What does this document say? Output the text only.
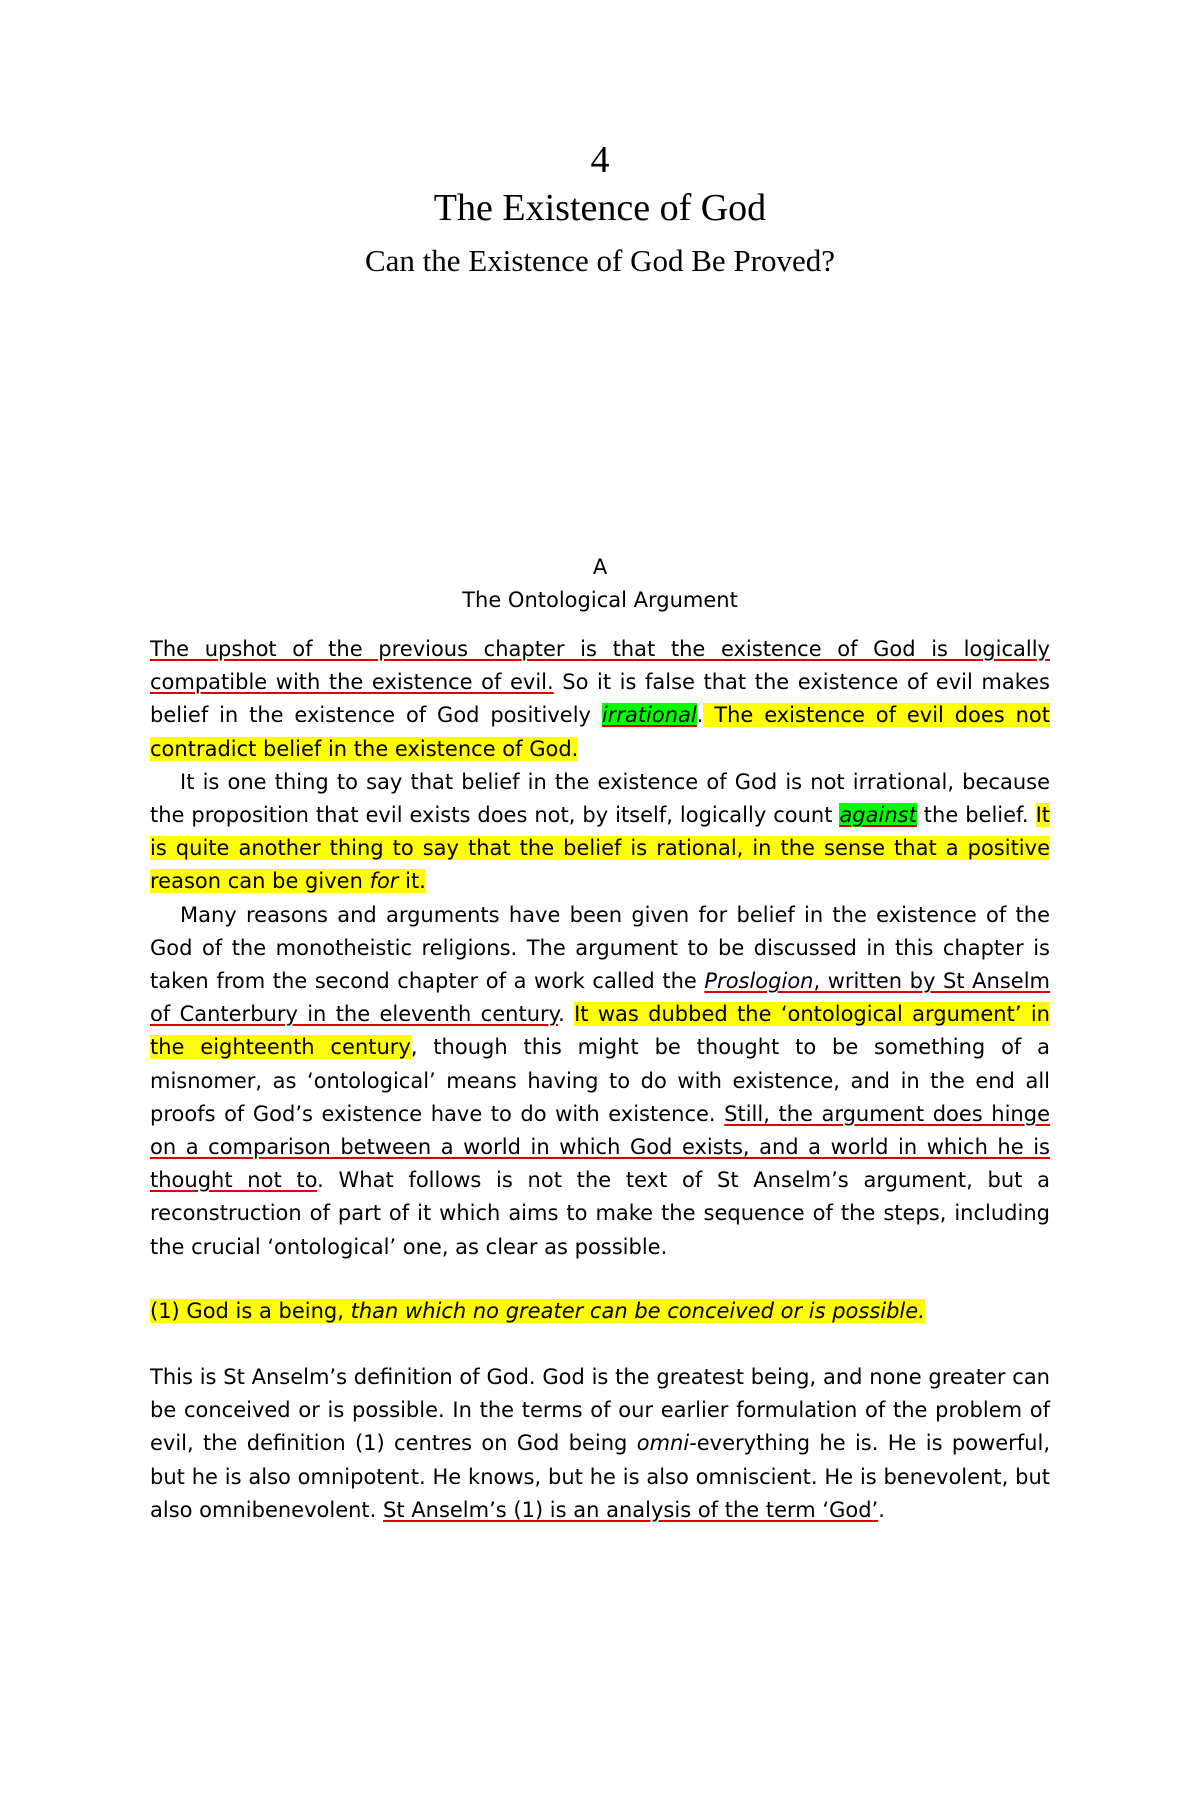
4
The Existence of God
Can the Existence of God Be Proved?
A
The Ontological Argument

The upshot of the previous chapter is that the existence of God is logically compatible with the existence of evil. So it is false that the existence of evil makes belief in the existence of God positively irrational. The existence of evil does not contradict belief in the existence of God.

It is one thing to say that belief in the existence of God is not irrational, because the proposition that evil exists does not, by itself, logically count against the belief. It is quite another thing to say that the belief is rational, in the sense that a positive reason can be given for it.

Many reasons and arguments have been given for belief in the existence of the God of the monotheistic religions. The argument to be discussed in this chapter is taken from the second chapter of a work called the Proslogion, written by St Anselm of Canterbury in the eleventh century. It was dubbed the ‘ontological argument’ in the eighteenth century, though this might be thought to be something of a misnomer, as ‘ontological’ means having to do with existence, and in the end all proofs of God’s existence have to do with existence. Still, the argument does hinge on a comparison between a world in which God exists, and a world in which he is thought not to. What follows is not the text of St Anselm’s argument, but a reconstruction of part of it which aims to make the sequence of the steps, including the crucial ‘ontological’ one, as clear as possible.

(1) God is a being, than which no greater can be conceived or is possible.

This is St Anselm’s definition of God. God is the greatest being, and none greater can be conceived or is possible. In the terms of our earlier formulation of the problem of evil, the definition (1) centres on God being omni-everything he is. He is powerful, but he is also omnipotent. He knows, but he is also omniscient. He is benevolent, but also omnibenevolent. St Anselm’s (1) is an analysis of the term ‘God’.
